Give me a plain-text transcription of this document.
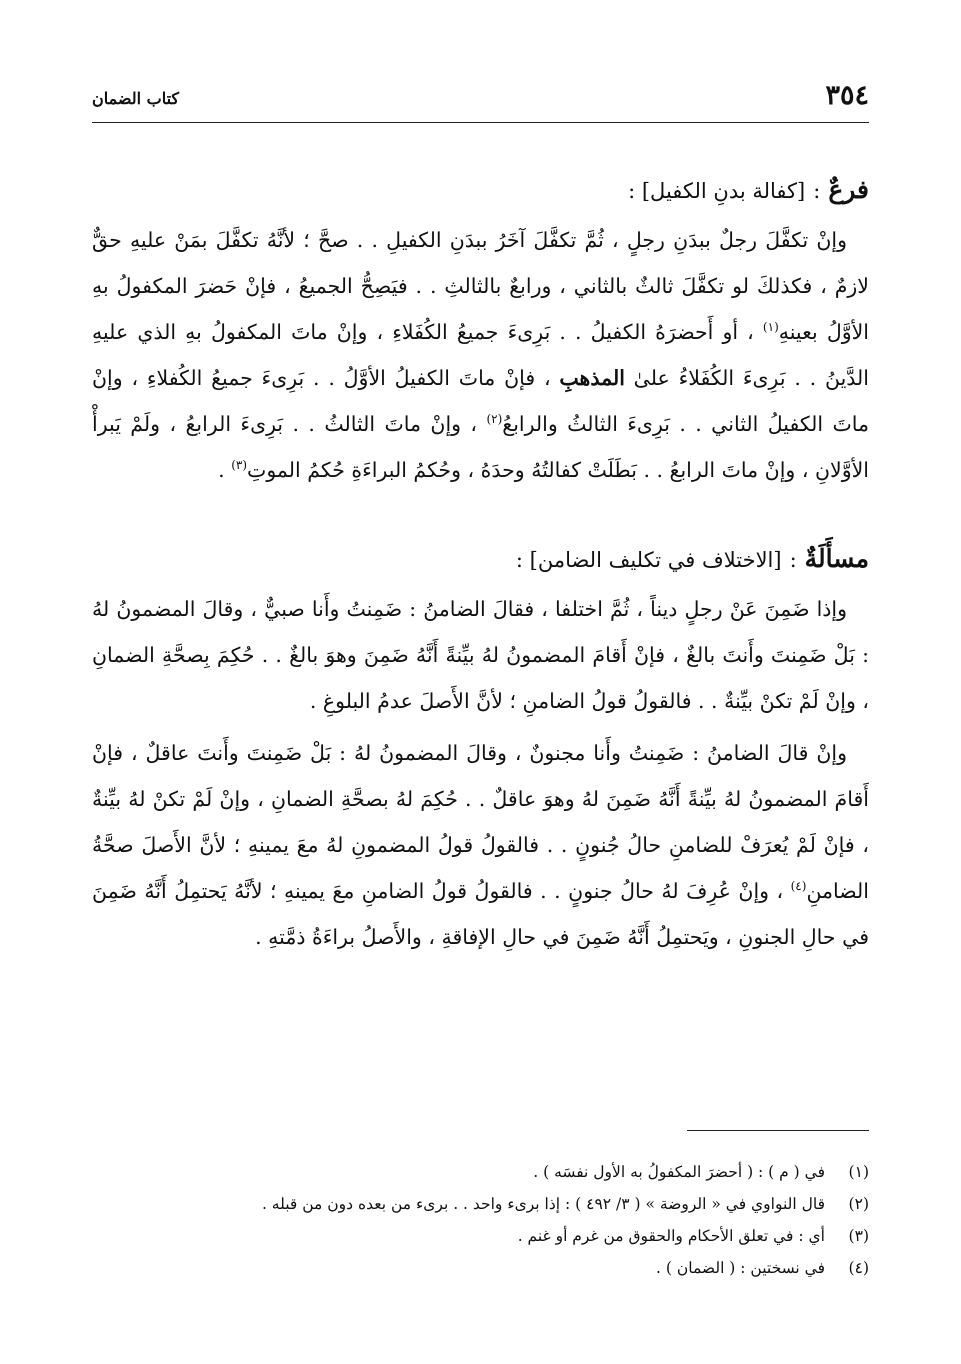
٣٥٤
كتاب الضمان
فرعٌ:[كفالة بدنِ الكفيل] :

وإنْ تكفَّلَ رجلٌ ببدَنِ رجلٍ ، ثُمَّ تكفَّلَ آخَرُ ببدَنِ الكفيلِ . . صحَّ ؛ لأنَّهُ تكفَّلَ بمَنْ عليهِ حقٌّ لازمٌ ، فكذلكَ لو تكفَّلَ ثالثٌ بالثاني ، ورابعٌ بالثالثِ . . فيَصِحُّ الجميعُ ، فإنْ حَضرَ المكفولُ بهِ الأوَّلُ بعينهِ$^{(١)}$ ، أو أَحضرَهُ الكفيلُ . . بَرِىءَ جميعُ الكُفَلاءِ ، وإنْ ماتَ المكفولُ بهِ الذي عليهِ الدَّينُ . . بَرِىءَ الكُفَلاءُ علىٰ المذهبِ ، فإنْ ماتَ الكفيلُ الأوَّلُ . . بَرِىءَ جميعُ الكُفلاءِ ، وإنْ ماتَ الكفيلُ الثاني . . بَرِىءَ الثالثُ والرابعُ$^{(٢)}$ ، وإنْ ماتَ الثالثُ . . بَرِىءَ الرابعُ ، ولَمْ يَبرأْ الأوَّلانِ ، وإنْ ماتَ الرابعُ . . بَطَلَتْ كفالتُهُ وحدَهُ ، وحُكمُ البراءَةِ حُكمُ الموتِ$^{(٣)}$ .

مسأَلَةٌ:[الاختلاف في تكليف الضامن] :

وإذا ضَمِنَ عَنْ رجلٍ ديناً ، ثُمَّ اختلفا ، فقالَ الضامنُ : ضَمِنتُ وأَنا صبيٌّ ، وقالَ المضمونُ لهُ : بَلْ ضَمِنتَ وأَنتَ بالغٌ ، فإنْ أَقامَ المضمونُ لهُ بيِّنةً أَنَّهُ ضَمِنَ وهوَ بالغٌ . . حُكِمَ بِصحَّةِ الضمانِ ، وإنْ لَمْ تكنْ بيِّنةٌ . . فالقولُ قولُ الضامنِ ؛ لأنَّ الأَصلَ عدمُ البلوغِ .

وإنْ قالَ الضامنُ : ضَمِنتُ وأَنا مجنونٌ ، وقالَ المضمونُ لهُ : بَلْ ضَمِنتَ وأَنتَ عاقلٌ ، فإنْ أَقامَ المضمونُ لهُ بيِّنةً أَنَّهُ ضَمِنَ لهُ وهوَ عاقلٌ . . حُكِمَ لهُ بصحَّةِ الضمانِ ، وإنْ لَمْ تكنْ لهُ بيِّنةٌ ، فإنْ لَمْ يُعرَفْ للضامنِ حالُ جُنونٍ . . فالقولُ قولُ المضمونِ لهُ معَ يمينهِ ؛ لأنَّ الأَصلَ صحَّةُ الضامنِ$^{(٤)}$ ، وإنْ عُرِفَ لهُ حالُ جنونٍ . . فالقولُ قولُ الضامنِ معَ يمينهِ ؛ لأنَّهُ يَحتمِلُ أَنَّهُ ضَمِنَ في حالِ الجنونِ ، ويَحتمِلُ أَنَّهُ ضَمِنَ في حالِ الإفاقةِ ، والأَصلُ براءَةُ ذمَّتهِ .

(١)في ( م ) : ( أحضرَ المكفولُ به الأول نفسَه ) .
(٢)قال النواوي في « الروضة » ( ٣/ ٤٩٢ ) : إذا برىء واحد . . برىء من بعده دون من قبله .
(٣)أي : في تعلق الأحكام والحقوق من غرم أو غنم .
(٤)في نسختين : ( الضمان ) .
